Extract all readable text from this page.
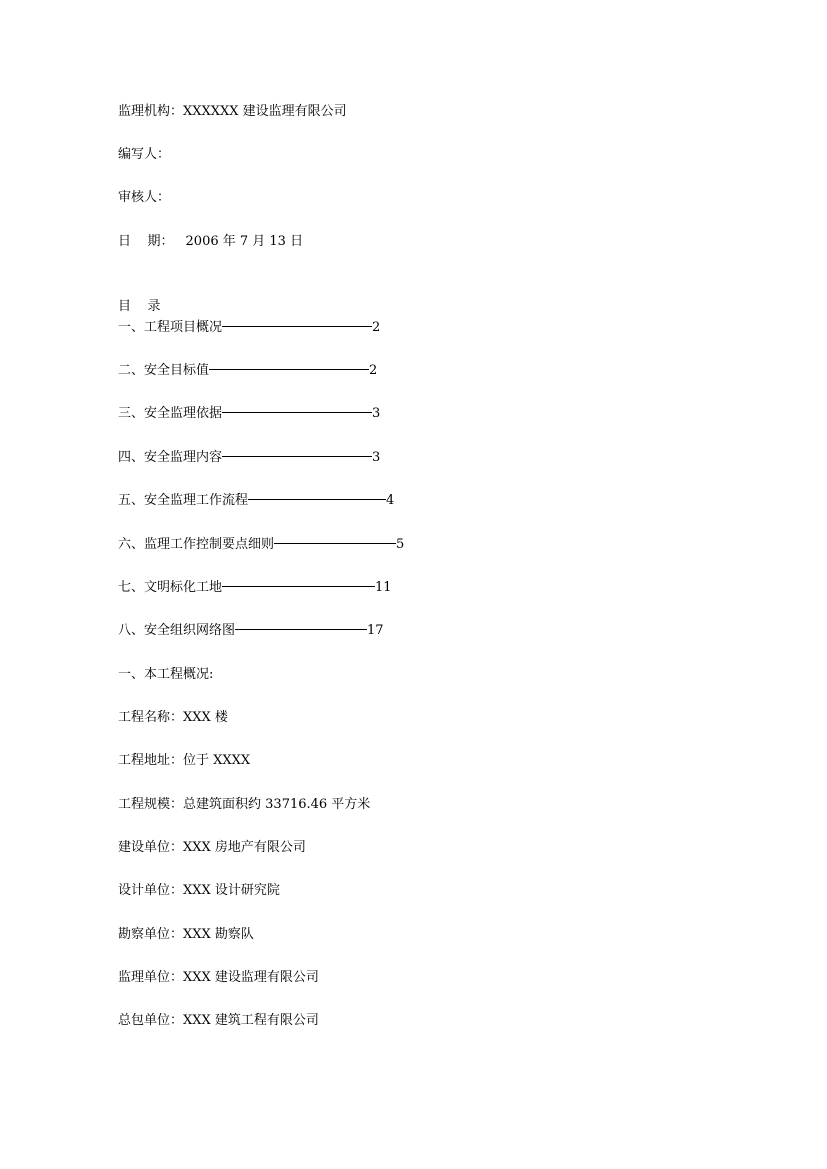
监理机构：XXXXXX 建设监理有限公司
编写人：
审核人：
日    期： 2006 年 7 月 13 日
目    录
一、工程项目概况	2
二、安全目标值	2
三、安全监理依据	3
四、安全监理内容	3
五、安全监理工作流程	4
六、监理工作控制要点细则	5
七、文明标化工地	11
八、安全组织网络图	17
一、本工程概况:
工程名称：XXX 楼
工程地址：位于 XXXX
工程规模：总建筑面积约 33716.46 平方米
建设单位：XXX 房地产有限公司
设计单位：XXX 设计研究院
勘察单位：XXX 勘察队
监理单位：XXX 建设监理有限公司
总包单位：XXX 建筑工程有限公司
